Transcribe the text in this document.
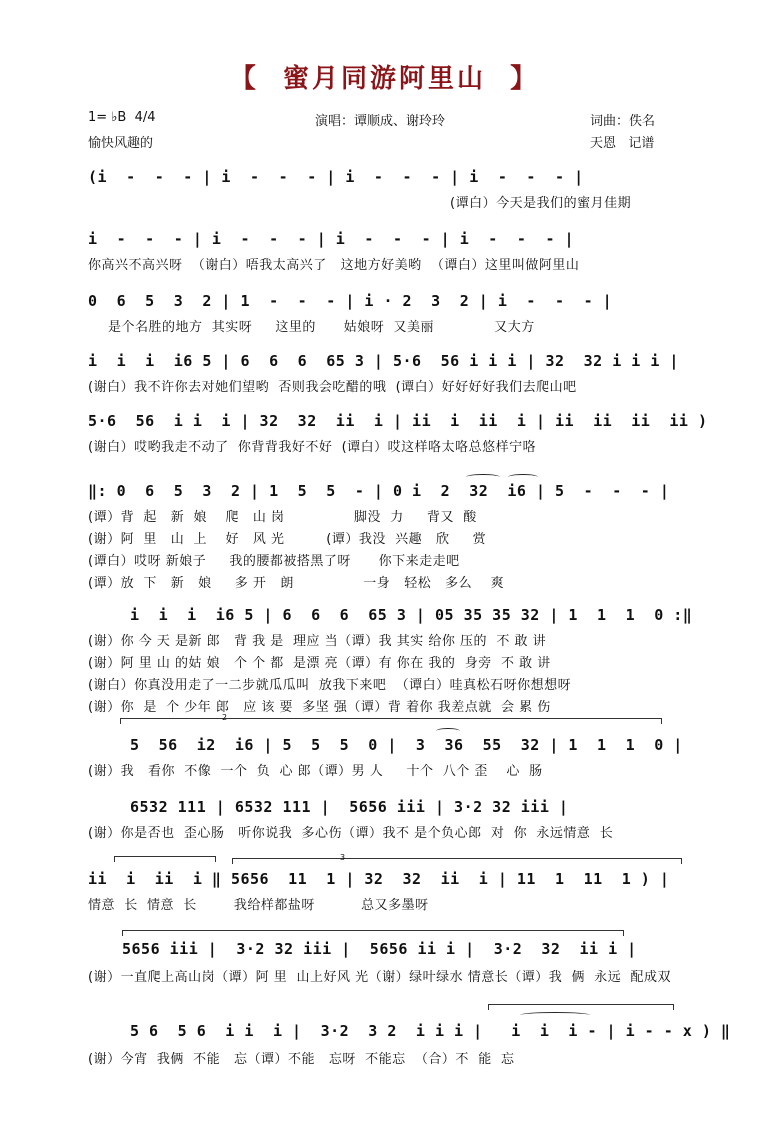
【  蜜月同游阿里山  】
1= ♭B  4/4	演唱：谭顺成、谢玲玲	词曲：佚名
愉快风趣的	天恩   记谱
(i  -  -  - | i  -  -  - | i  -  -  - | i  -  -  - |
(谭白）今天是我们的蜜月佳期
i  -  -  - | i  -  -  - | i  -  -  - | i  -  -  - |
你高兴不高兴呀  （谢白）唔我太高兴了   这地方好美哟  （谭白）这里叫做阿里山
0  6  5  3  2 | 1  -  -  - | i · 2  3  2 | i  -  -  - |
是个名胜的地方  其实呀     这里的      姑娘呀  又美丽             又大方
i  i  i  i6 5 | 6  6  6  65 3 | 5·6  56 i i i | 32  32 i i i |
(谢白）我不许你去对她们望哟  否则我会吃醋的哦  (谭白）好好好好我们去爬山吧
5·6  56  i i  i | 32  32  ii  i | ii  i  ii  i | ii  ii  ii  ii )
(谢白）哎哟我走不动了  你背背我好不好  (谭白）哎这样咯太咯总悠样宁咯
‖: 0  6  5  3  2 | 1  5  5  - | 0 i  2  32  i6 | 5  -  -  - |
(谭）背  起   新  娘    爬   山 岗               脚没  力     背又  酸
(谢）阿  里   山  上    好   风 光         (谭）我没  兴趣   欣     赏
(谭白）哎呀 新娘子     我的腰都被搭黑了呀      你下来走走吧
(谭）放  下   新   娘     多 开   朗               一身   轻松   多么    爽
i  i  i  i6 5 | 6  6  6  65 3 | 05 35 35 32 | 1  1  1  0 :‖
(谢）你 今 天 是新 郎   背 我 是  理应 当（谭）我 其实 给你 压的  不 敢 讲
(谢）阿 里 山 的姑 娘   个 个 都  是漂 亮（谭）有 你在 我的  身旁  不 敢 讲
(谢白）你真没用走了一二步就瓜瓜叫  放我下来吧  （谭白）哇真松石呀你想想呀
(谢）你  是  个 少年 郎   应 该 要  多坚 强（谭）背 着你 我差点就  会 累 伤
2
5  56  i2  i6 | 5  5  5  0 |  3  36  55  32 | 1  1  1  0 |
(谢）我   看你  不像  一个  负  心 郎（谭）男 人     十个  八个 歪    心  肠
6532 111 | 6532 111 |  5656 iii | 3·2 32 iii |
(谢）你是否也  歪心肠   听你说我  多心伤（谭）我不 是个负心郎  对  你  永远情意  长
3
ii  i  ii  i ‖ 5656  11  1 | 32  32  ii  i | 11  1  11  1 ) |
情意  长  情意  长        我给样都盐呀          总又多墨呀
5656 iii |  3·2 32 iii |  5656 ii i |  3·2  32  ii i |
(谢）一直爬上高山岗（谭）阿 里  山上好风 光（谢）绿叶绿水 情意长（谭）我  俩  永远  配成双
5 6  5 6  i i  i |  3·2  3 2  i i i |   i  i  i - | i - - x ) ‖
(谢）今宵  我俩  不能   忘（谭）不能   忘呀  不能忘  （合）不  能  忘
